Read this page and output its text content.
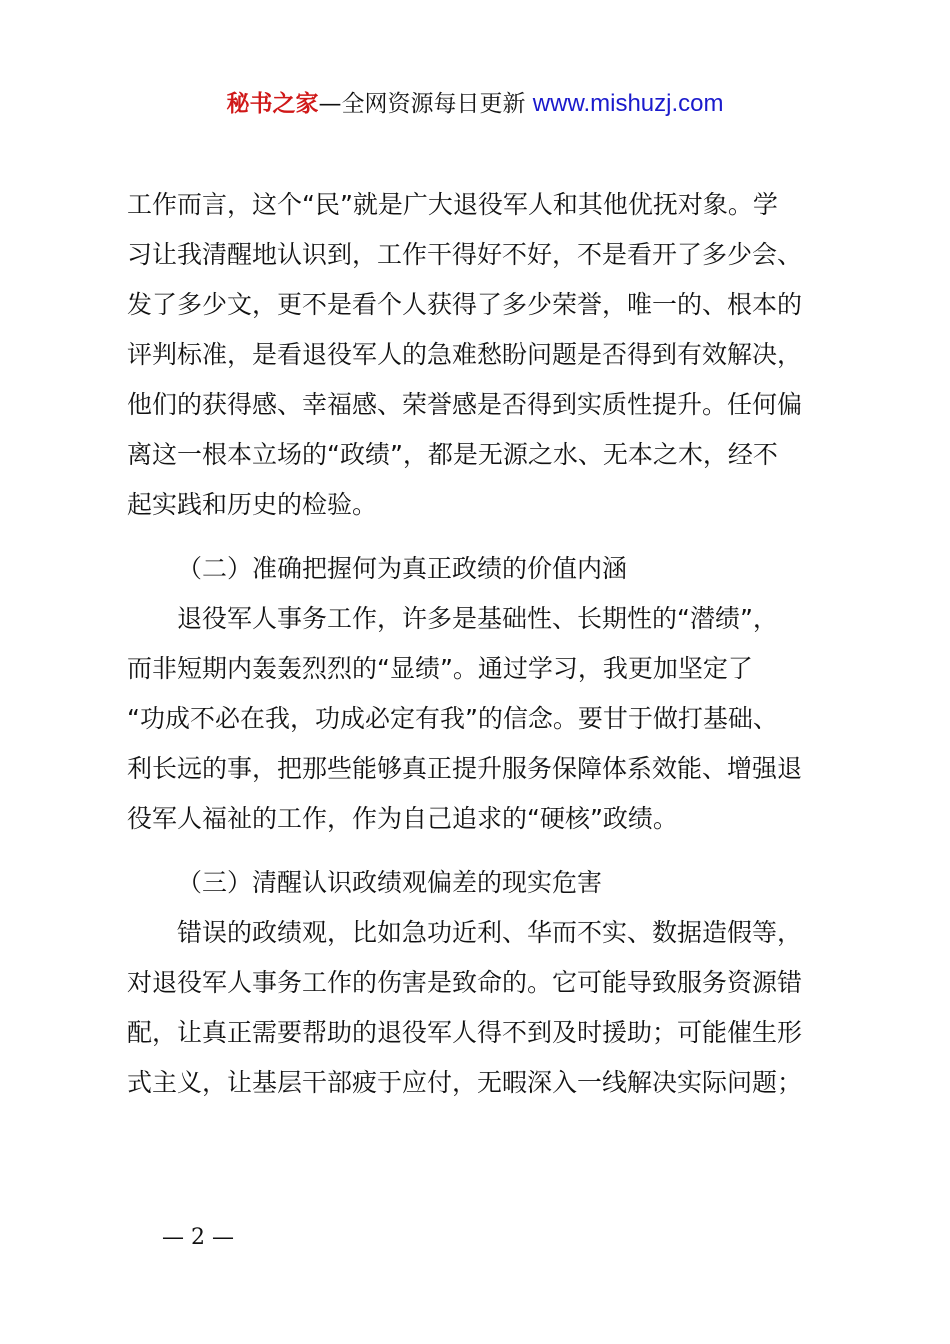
秘书之家—全网资源每日更新 www.mishuzj.com
工作而言，这个“民”就是广大退役军人和其他优抚对象。学
习让我清醒地认识到，工作干得好不好，不是看开了多少会、
发了多少文，更不是看个人获得了多少荣誉，唯一的、根本的
评判标准，是看退役军人的急难愁盼问题是否得到有效解决，
他们的获得感、幸福感、荣誉感是否得到实质性提升。任何偏
离这一根本立场的“政绩”，都是无源之水、无本之木，经不
起实践和历史的检验。
（二）准确把握何为真正政绩的价值内涵
退役军人事务工作，许多是基础性、长期性的“潜绩”，
而非短期内轰轰烈烈的“显绩”。通过学习，我更加坚定了
“功成不必在我，功成必定有我”的信念。要甘于做打基础、
利长远的事，把那些能够真正提升服务保障体系效能、增强退
役军人福祉的工作，作为自己追求的“硬核”政绩。
（三）清醒认识政绩观偏差的现实危害
错误的政绩观，比如急功近利、华而不实、数据造假等，
对退役军人事务工作的伤害是致命的。它可能导致服务资源错
配，让真正需要帮助的退役军人得不到及时援助；可能催生形
式主义，让基层干部疲于应付，无暇深入一线解决实际问题；
— 2 —
